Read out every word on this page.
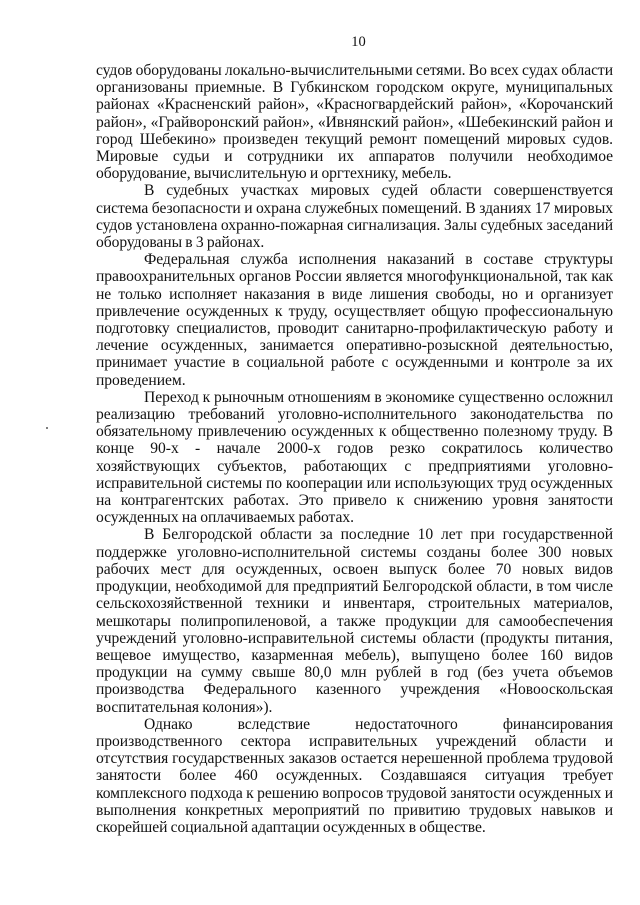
10

судов оборудованы локально-вычислительными сетями. Во всех судах области организованы приемные. В Губкинском городском округе, муниципальных районах «Красненский район», «Красногвардейский район», «Корочанский район», «Грайворонский район», «Ивнянский район», «Шебекинский район и город Шебекино» произведен текущий ремонт помещений мировых судов. Мировые судьи и сотрудники их аппаратов получили необходимое оборудование, вычислительную и оргтехнику, мебель.

В судебных участках мировых судей области совершенствуется система безопасности и охрана служебных помещений. В зданиях 17 мировых судов установлена охранно-пожарная сигнализация. Залы судебных заседаний оборудованы в 3 районах.

Федеральная служба исполнения наказаний в составе структуры правоохранительных органов России является многофункциональной, так как не только исполняет наказания в виде лишения свободы, но и организует привлечение осужденных к труду, осуществляет общую профессиональную подготовку специалистов, проводит санитарно-профилактическую работу и лечение осужденных, занимается оперативно-розыскной деятельностью, принимает участие в социальной работе с осужденными и контроле за их проведением.

Переход к рыночным отношениям в экономике существенно осложнил реализацию требований уголовно-исполнительного законодательства по обязательному привлечению осужденных к общественно полезному труду. В конце 90-х - начале 2000-х годов резко сократилось количество хозяйствующих субъектов, работающих с предприятиями уголовно-исправительной системы по кооперации или использующих труд осужденных на контрагентских работах. Это привело к снижению уровня занятости осужденных на оплачиваемых работах.

В Белгородской области за последние 10 лет при государственной поддержке уголовно-исполнительной системы созданы более 300 новых рабочих мест для осужденных, освоен выпуск более 70 новых видов продукции, необходимой для предприятий Белгородской области, в том числе сельскохозяйственной техники и инвентаря, строительных материалов, мешкотары полипропиленовой, а также продукции для самообеспечения учреждений уголовно-исправительной системы области (продукты питания, вещевое имущество, казарменная мебель), выпущено более 160 видов продукции на сумму свыше 80,0 млн рублей в год (без учета объемов производства Федерального казенного учреждения «Новооскольская воспитательная колония»).

Однако вследствие недостаточного финансирования производственного сектора исправительных учреждений области и отсутствия государственных заказов остается нерешенной проблема трудовой занятости более 460 осужденных. Создавшаяся ситуация требует комплексного подхода к решению вопросов трудовой занятости осужденных и выполнения конкретных мероприятий по привитию трудовых навыков и скорейшей социальной адаптации осужденных в обществе.
